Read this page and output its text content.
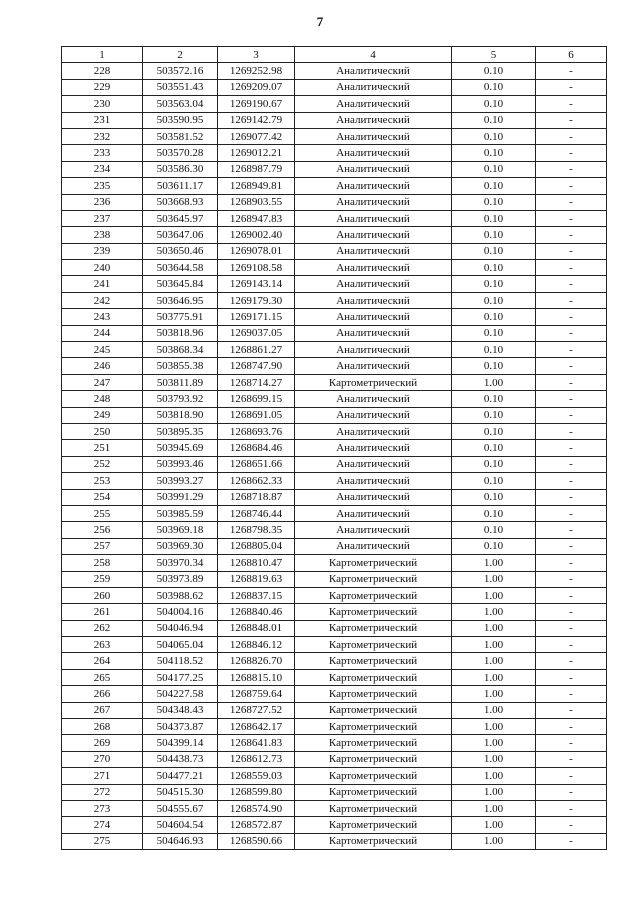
7
1	2	3	4	5	6
228	503572.16	1269252.98	Аналитический	0.10	-
229	503551.43	1269209.07	Аналитический	0.10	-
230	503563.04	1269190.67	Аналитический	0.10	-
231	503590.95	1269142.79	Аналитический	0.10	-
232	503581.52	1269077.42	Аналитический	0.10	-
233	503570.28	1269012.21	Аналитический	0.10	-
234	503586.30	1268987.79	Аналитический	0.10	-
235	503611.17	1268949.81	Аналитический	0.10	-
236	503668.93	1268903.55	Аналитический	0.10	-
237	503645.97	1268947.83	Аналитический	0.10	-
238	503647.06	1269002.40	Аналитический	0.10	-
239	503650.46	1269078.01	Аналитический	0.10	-
240	503644.58	1269108.58	Аналитический	0.10	-
241	503645.84	1269143.14	Аналитический	0.10	-
242	503646.95	1269179.30	Аналитический	0.10	-
243	503775.91	1269171.15	Аналитический	0.10	-
244	503818.96	1269037.05	Аналитический	0.10	-
245	503868.34	1268861.27	Аналитический	0.10	-
246	503855.38	1268747.90	Аналитический	0.10	-
247	503811.89	1268714.27	Картометрический	1.00	-
248	503793.92	1268699.15	Аналитический	0.10	-
249	503818.90	1268691.05	Аналитический	0.10	-
250	503895.35	1268693.76	Аналитический	0.10	-
251	503945.69	1268684.46	Аналитический	0.10	-
252	503993.46	1268651.66	Аналитический	0.10	-
253	503993.27	1268662.33	Аналитический	0.10	-
254	503991.29	1268718.87	Аналитический	0.10	-
255	503985.59	1268746.44	Аналитический	0.10	-
256	503969.18	1268798.35	Аналитический	0.10	-
257	503969.30	1268805.04	Аналитический	0.10	-
258	503970.34	1268810.47	Картометрический	1.00	-
259	503973.89	1268819.63	Картометрический	1.00	-
260	503988.62	1268837.15	Картометрический	1.00	-
261	504004.16	1268840.46	Картометрический	1.00	-
262	504046.94	1268848.01	Картометрический	1.00	-
263	504065.04	1268846.12	Картометрический	1.00	-
264	504118.52	1268826.70	Картометрический	1.00	-
265	504177.25	1268815.10	Картометрический	1.00	-
266	504227.58	1268759.64	Картометрический	1.00	-
267	504348.43	1268727.52	Картометрический	1.00	-
268	504373.87	1268642.17	Картометрический	1.00	-
269	504399.14	1268641.83	Картометрический	1.00	-
270	504438.73	1268612.73	Картометрический	1.00	-
271	504477.21	1268559.03	Картометрический	1.00	-
272	504515.30	1268599.80	Картометрический	1.00	-
273	504555.67	1268574.90	Картометрический	1.00	-
274	504604.54	1268572.87	Картометрический	1.00	-
275	504646.93	1268590.66	Картометрический	1.00	-
